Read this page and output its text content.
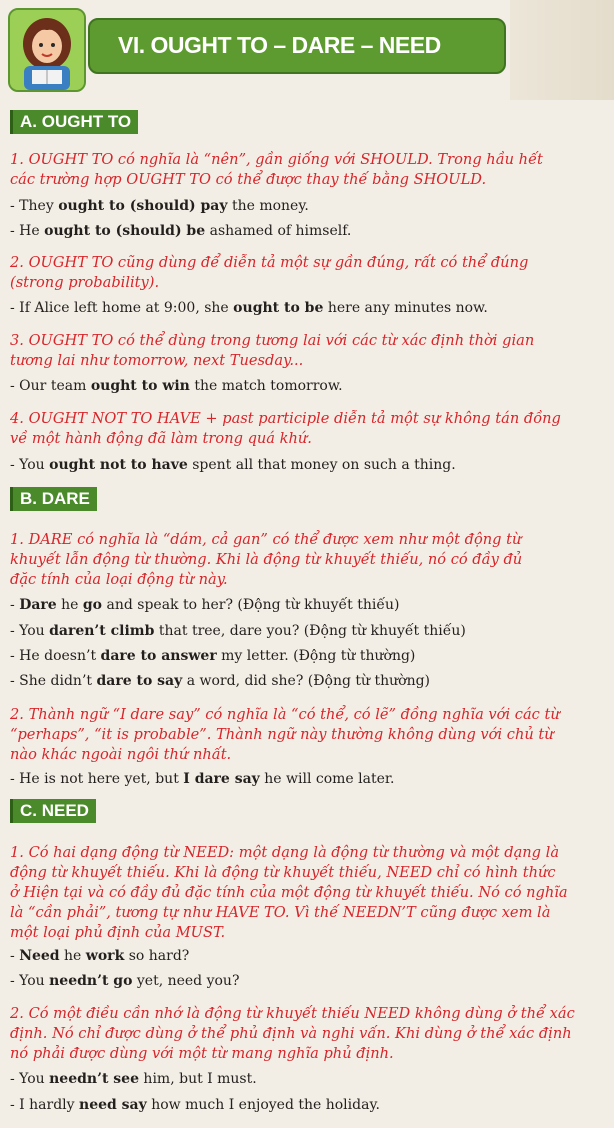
VI. OUGHT TO – DARE – NEED
A. OUGHT TO
1. OUGHT TO có nghĩa là “nên”, gần giống với SHOULD. Trong hầu hết
các trường hợp OUGHT TO có thể được thay thế bằng SHOULD.
- They ought to (should) pay the money.
- He ought to (should) be ashamed of himself.
2. OUGHT TO cũng dùng để diễn tả một sự gần đúng, rất có thể đúng
(strong probability).
- If Alice left home at 9:00, she ought to be here any minutes now.
3. OUGHT TO có thể dùng trong tương lai với các từ xác định thời gian
tương lai như tomorrow, next Tuesday...
- Our team ought to win the match tomorrow.
4. OUGHT NOT TO HAVE + past participle diễn tả một sự không tán đồng
về một hành động đã làm trong quá khứ.
- You ought not to have spent all that money on such a thing.
B. DARE
1. DARE có nghĩa là “dám, cả gan” có thể được xem như một động từ
khuyết lẫn động từ thường. Khi là động từ khuyết thiếu, nó có đầy đủ
đặc tính của loại động từ này.
- Dare he go and speak to her? (Động từ khuyết thiếu)
- You daren’t climb that tree, dare you? (Động từ khuyết thiếu)
- He doesn’t dare to answer my letter. (Động từ thường)
- She didn’t dare to say a word, did she? (Động từ thường)
2. Thành ngữ “I dare say” có nghĩa là “có thể, có lẽ” đồng nghĩa với các từ
“perhaps”, “it is probable”. Thành ngữ này thường không dùng với chủ từ
nào khác ngoài ngôi thứ nhất.
- He is not here yet, but I dare say he will come later.
C. NEED
1. Có hai dạng động từ NEED: một dạng là động từ thường và một dạng là
động từ khuyết thiếu. Khi là động từ khuyết thiếu, NEED chỉ có hình thức
ở Hiện tại và có đầy đủ đặc tính của một động từ khuyết thiếu. Nó có nghĩa
là “cần phải”, tương tự như HAVE TO. Vì thế NEEDN’T cũng được xem là
một loại phủ định của MUST.
- Need he work so hard?
- You needn’t go yet, need you?
2. Có một điều cần nhớ là động từ khuyết thiếu NEED không dùng ở thể xác
định. Nó chỉ được dùng ở thể phủ định và nghi vấn. Khi dùng ở thể xác định
nó phải được dùng với một từ mang nghĩa phủ định.
- You needn’t see him, but I must.
- I hardly need say how much I enjoyed the holiday.
